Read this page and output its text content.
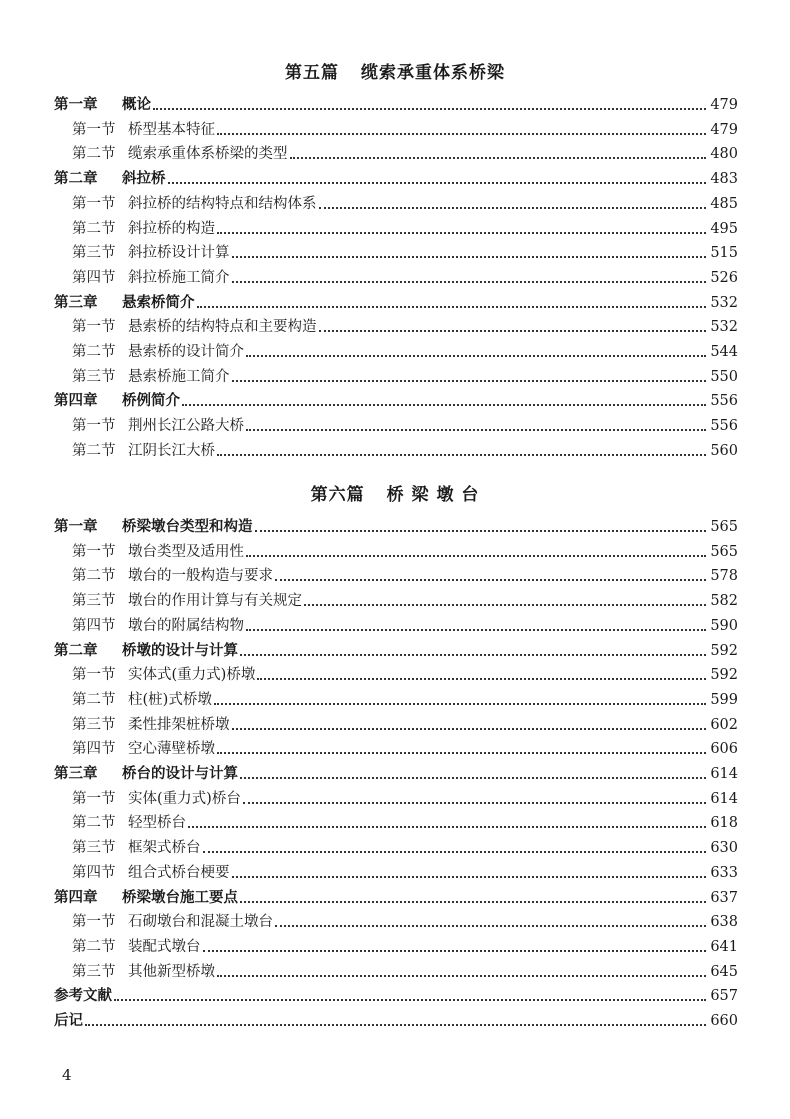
第五篇 缆索承重体系桥梁
第一章 概论	479
第一节 桥型基本特征	479
第二节 缆索承重体系桥梁的类型	480
第二章 斜拉桥	483
第一节 斜拉桥的结构特点和结构体系	485
第二节 斜拉桥的构造	495
第三节 斜拉桥设计计算	515
第四节 斜拉桥施工简介	526
第三章 悬索桥简介	532
第一节 悬索桥的结构特点和主要构造	532
第二节 悬索桥的设计简介	544
第三节 悬索桥施工简介	550
第四章 桥例简介	556
第一节 荆州长江公路大桥	556
第二节 江阴长江大桥	560
第六篇 桥 梁 墩 台
第一章 桥梁墩台类型和构造	565
第一节 墩台类型及适用性	565
第二节 墩台的一般构造与要求	578
第三节 墩台的作用计算与有关规定	582
第四节 墩台的附属结构物	590
第二章 桥墩的设计与计算	592
第一节 实体式(重力式)桥墩	592
第二节 柱(桩)式桥墩	599
第三节 柔性排架桩桥墩	602
第四节 空心薄壁桥墩	606
第三章 桥台的设计与计算	614
第一节 实体(重力式)桥台	614
第二节 轻型桥台	618
第三节 框架式桥台	630
第四节 组合式桥台梗要	633
第四章 桥梁墩台施工要点	637
第一节 石砌墩台和混凝土墩台	638
第二节 装配式墩台	641
第三节 其他新型桥墩	645
参考文献	657
后记	660
4
